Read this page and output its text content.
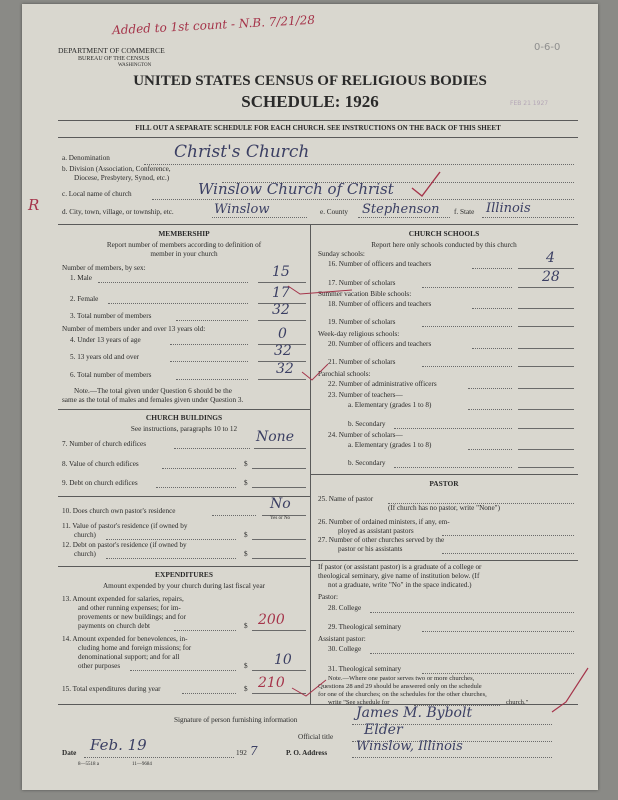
Added to 1st count - N.B. 7/21/28
0-6-0
FEB 21 1927
R
DEPARTMENT OF COMMERCE
BUREAU OF THE CENSUS
WASHINGTON
UNITED STATES CENSUS OF RELIGIOUS BODIES
SCHEDULE: 1926
FILL OUT A SEPARATE SCHEDULE FOR EACH CHURCH. SEE INSTRUCTIONS ON THE BACK OF THIS SHEET
a. Denomination	Christ's Church
b. Division (Association, Conference,
Diocese, Presbytery, Synod, etc.)
c. Local name of church	Winslow Church of Christ
d. City, town, village, or township, etc.	Winslow	e. County Stephenson f. State Illinois
MEMBERSHIP
Report number of members according to definition of
member in your church
Number of members, by sex:
1. Male	15
2. Female	17
3. Total number of members	32
Number of members under and over 13 years old:
4. Under 13 years of age	0
5. 13 years old and over	32
6. Total number of members	32
Note.—The total given under Question 6 should be the
same as the total of males and females given under Question 3.
CHURCH BUILDINGS
See instructions, paragraphs 10 to 12
7. Number of church edifices	None
8. Value of church edifices	$
9. Debt on church edifices	$
10. Does church own pastor's residence	No
Yes or No
11. Value of pastor's residence (if owned by
church)	$
12. Debt on pastor's residence (if owned by
church)	$
EXPENDITURES
Amount expended by your church during last fiscal year
13. Amount expended for salaries, repairs,
and other running expenses; for im-
provements or new buildings; and for
payments on church debt	$ 200
14. Amount expended for benevolences, in-
cluding home and foreign missions; for
denominational support; and for all
other purposes	$ 10
15. Total expenditures during year	$ 210
CHURCH SCHOOLS
Report here only schools conducted by this church
Sunday schools:
16. Number of officers and teachers	4
17. Number of scholars	28
Summer vacation Bible schools:
18. Number of officers and teachers
19. Number of scholars
Week-day religious schools:
20. Number of officers and teachers
21. Number of scholars
Parochial schools:
22. Number of administrative officers
23. Number of teachers—
a. Elementary (grades 1 to 8)
b. Secondary
24. Number of scholars—
a. Elementary (grades 1 to 8)
b. Secondary
PASTOR
25. Name of pastor
(If church has no pastor, write "None")
26. Number of ordained ministers, if any, em-
ployed as assistant pastors
27. Number of other churches served by the
pastor or his assistants
If pastor (or assistant pastor) is a graduate of a college or
theological seminary, give name of institution below. (If
not a graduate, write "No" in the space indicated.)
Pastor:
28. College
29. Theological seminary
Assistant pastor:
30. College
31. Theological seminary
Note.—Where one pastor serves two or more churches,
Questions 28 and 29 should be answered only on the schedule
for one of the churches; on the schedules for the other churches,
write "See schedule for	church."
Signature of person furnishing information	James M. Bybolt
Official title Elder
Date Feb. 19	192 7	P. O. Address Winslow, Illinois
8—5518 a	11—9684
